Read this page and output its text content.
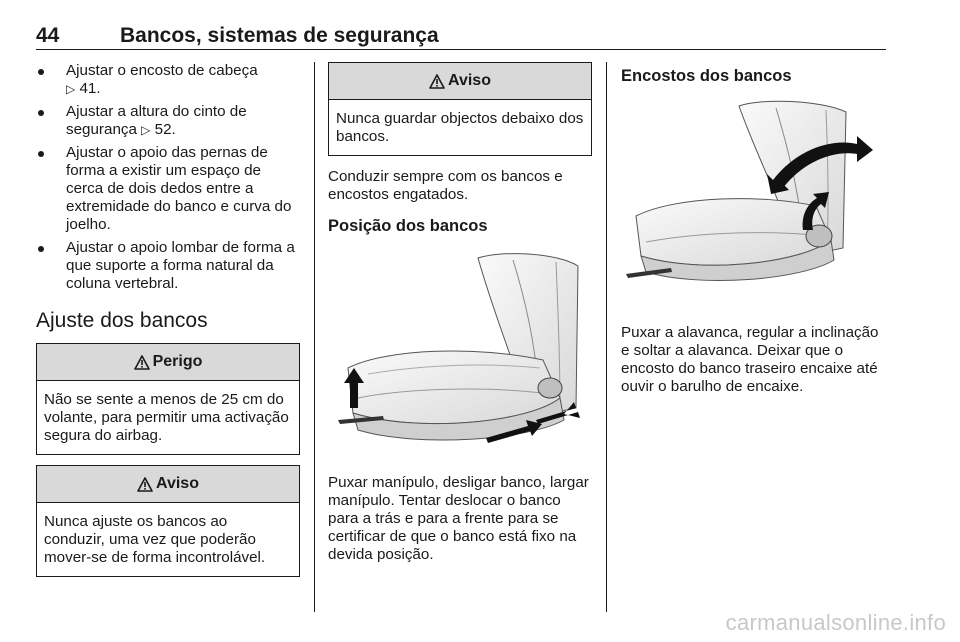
44	Bancos, sistemas de segurança
Ajustar o encosto de cabeça
▷ 41.
Ajustar a altura do cinto de segurança ▷ 52.
Ajustar o apoio das pernas de forma a existir um espaço de cerca de dois dedos entre a extremidade do banco e curva do joelho.
Ajustar o apoio lombar de forma a que suporte a forma natural da coluna vertebral.
Ajuste dos bancos
Perigo
Não se sente a menos de 25 cm do volante, para permitir uma activação segura do airbag.
Aviso
Nunca ajuste os bancos ao conduzir, uma vez que poderão mover-se de forma incontrolável.
Aviso
Nunca guardar objectos debaixo dos bancos.
Conduzir sempre com os bancos e encostos engatados.
Posição dos bancos
Puxar manípulo, desligar banco, largar manípulo. Tentar deslocar o banco para a trás e para a frente para se certificar de que o banco está fixo na devida posição.
Encostos dos bancos
Puxar a alavanca, regular a inclinação e soltar a alavanca. Deixar que o encosto do banco traseiro encaixe até ouvir o barulho de encaixe.
carmanualsonline.info
